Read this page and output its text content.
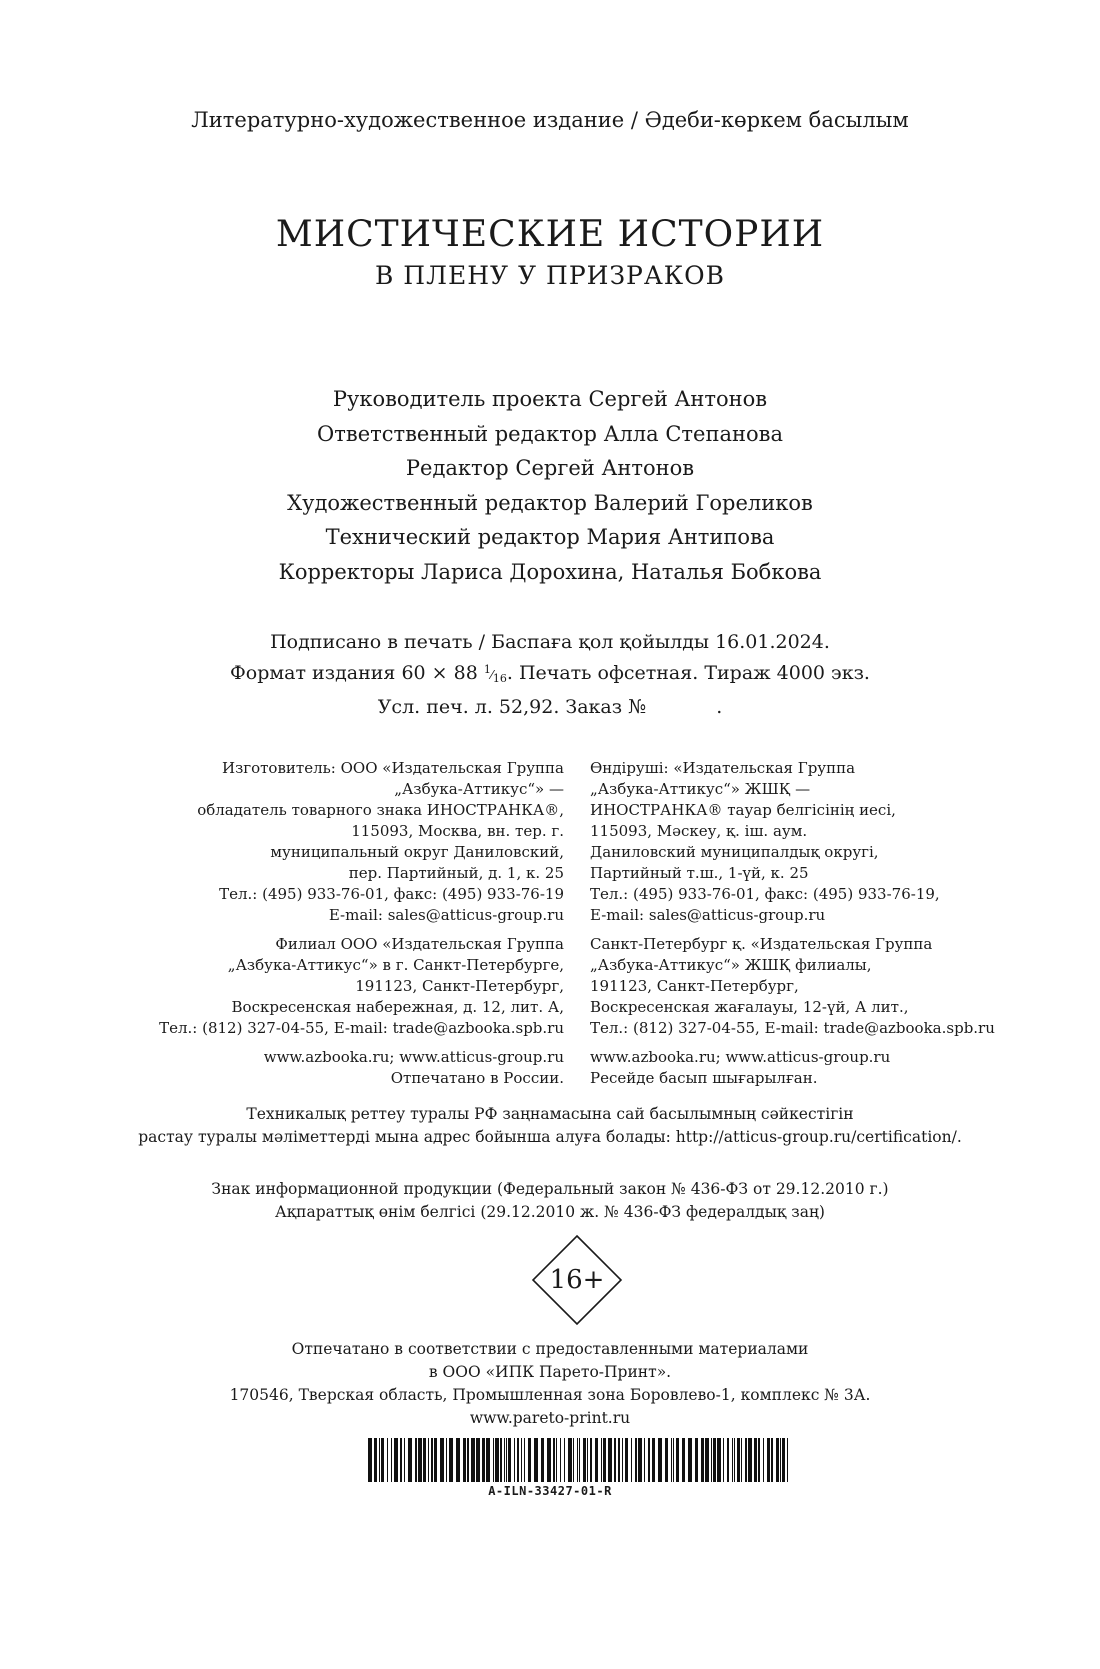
Литературно-художественное издание / Әдеби-көркем басылым
МИСТИЧЕСКИЕ ИСТОРИИ
В ПЛЕНУ У ПРИЗРАКОВ
Руководитель проекта Сергей Антонов
Ответственный редактор Алла Степанова
Редактор Сергей Антонов
Художественный редактор Валерий Гореликов
Технический редактор Мария Антипова
Корректоры Лариса Дорохина, Наталья Бобкова
Подписано в печать / Баспаға қол қойылды 16.01.2024.
Формат издания 60 × 88 $^1⁄_{16}$. Печать офсетная. Тираж 4000 экз.
Усл. печ. л. 52,92. Заказ №	.
Изготовитель: ООО «Издательская Группа
„Азбука-Аттикус“» —
обладатель товарного знака ИНОСТРАНКА®,
115093, Москва, вн. тер. г.
муниципальный округ Даниловский,
пер. Партийный, д. 1, к. 25
Тел.: (495) 933-76-01, факс: (495) 933-76-19
E-mail: sales@atticus-group.ru
Филиал ООО «Издательская Группа
„Азбука-Аттикус“» в г. Санкт-Петербурге,
191123, Санкт-Петербург,
Воскресенская набережная, д. 12, лит. А,
Тел.: (812) 327-04-55, E-mail: trade@azbooka.spb.ru
www.azbooka.ru; www.atticus-group.ru
Отпечатано в России.
Өндіруші: «Издательская Группа
„Азбука-Аттикус“» ЖШҚ —
ИНОСТРАНКА® тауар белгісінің иесі,
115093, Мәскеу, қ. іш. аум.
Даниловский муниципалдық округі,
Партийный т.ш., 1-үй, к. 25
Тел.: (495) 933-76-01, факс: (495) 933-76-19,
E-mail: sales@atticus-group.ru
Санкт-Петербург қ. «Издательская Группа
„Азбука-Аттикус“» ЖШҚ филиалы,
191123, Санкт-Петербург,
Воскресенская жағалауы, 12-үй, А лит.,
Тел.: (812) 327-04-55, E-mail: trade@azbooka.spb.ru
www.azbooka.ru; www.atticus-group.ru
Ресейде басып шығарылған.
Техникалық реттеу туралы РФ заңнамасына сай басылымның сәйкестігін
растау туралы мәліметтерді мына адрес бойынша алуға болады: http://atticus-group.ru/certification/.
Знак информационной продукции (Федеральный закон № 436-ФЗ от 29.12.2010 г.)
Ақпараттық өнім белгісі (29.12.2010 ж. № 436-ФЗ федералдық заң)
16+
Отпечатано в соответствии с предоставленными материалами
в ООО «ИПК Парето-Принт».
170546, Тверская область, Промышленная зона Боровлево-1, комплекс № 3А.
www.pareto-print.ru
A-ILN-33427-01-R
